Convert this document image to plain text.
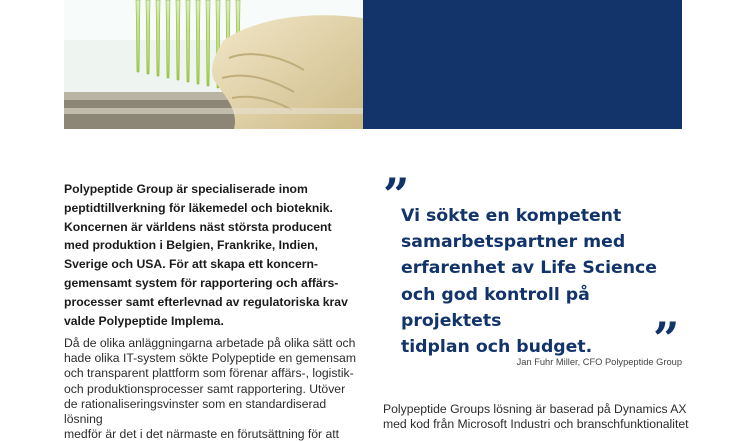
Polypeptide Group är specialiserade inom
peptidtillverkning för läkemedel och bioteknik.
Koncernen är världens näst största producent
med produktion i Belgien, Frankrike, Indien,
Sverige och USA. För att skapa ett koncern-
gemensamt system för rapportering och affärs-
processer samt efterlevnad av regulatoriska krav
valde Polypeptide Implema.
Då de olika anläggningarna arbetade på olika sätt och
hade olika IT-system sökte Polypeptide en gemensam
och transparent plattform som förenar affärs-, logistik-
och produktionsprocesser samt rapportering. Utöver
de rationaliseringsvinster som en standardiserad lösning
medför är det i det närmaste en förutsättning för att
”
Vi sökte en kompetent
samarbetspartner med
erfarenhet av Life Science
och god kontroll på projektets
tidplan och budget.	”
Jan Fuhr Miller, CFO Polypeptide Group
Polypeptide Groups lösning är baserad på Dynamics AX
med kod från Microsoft Industri och branschfunktionalitet
